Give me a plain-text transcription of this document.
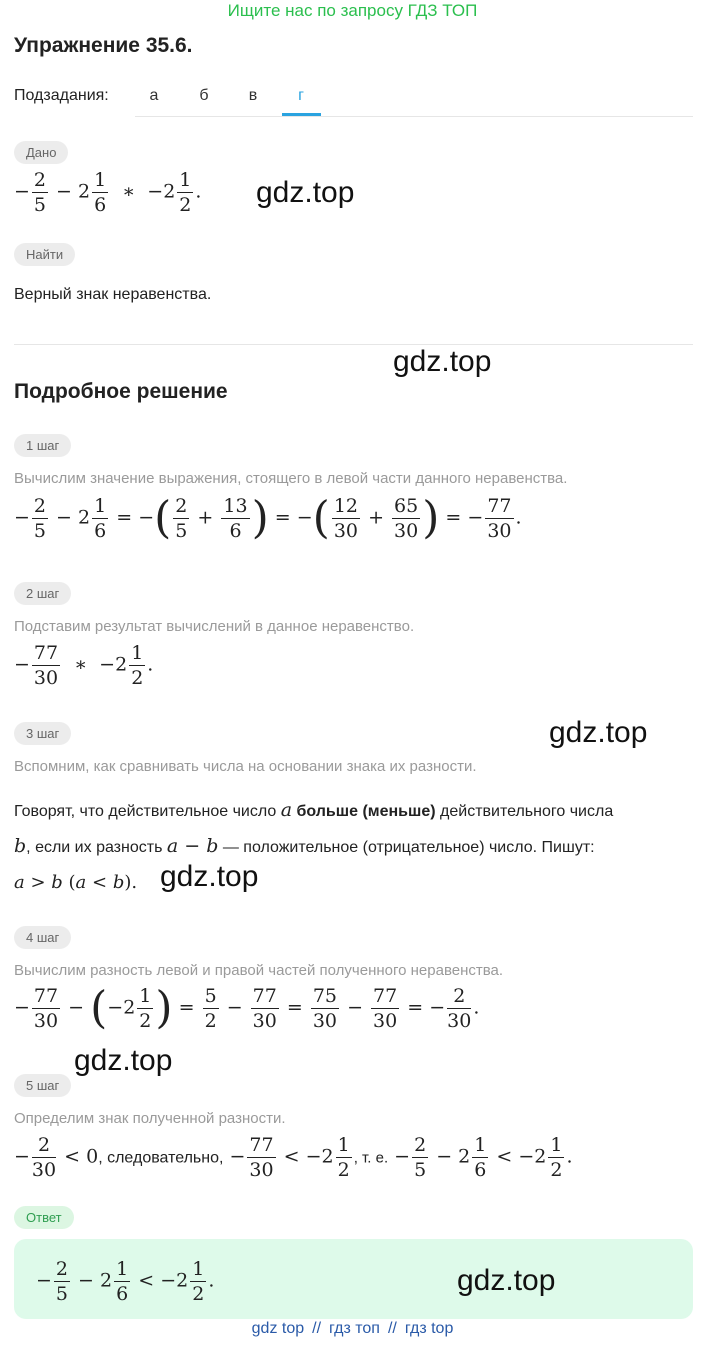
Ищите нас по запросу ГДЗ ТОП
Упражнение 35.6.
Подзадания:	а	б	в	г
Дано
− $\frac{2}{5} - 2 \frac{1}{6}$ ∗  $-2 \frac{1}{2}$ . gdz.top
Найти
Верный знак неравенства.
gdz.top
Подробное решение
1 шаг
Вычислим значение выражения, стоящего в левой части данного неравенства.
− $\frac{2}{5} - 2 \frac{1}{6}$ = −( $\frac{2}{5} + \frac{13}{6}$ ) = −( $\frac{12}{30} + \frac{65}{30}$ ) = − $\frac{77}{30}$ .
2 шаг
Подставим результат вычислений в данное неравенство.
− $\frac{77}{30}$ ∗  $-2 \frac{1}{2}$ .
3 шаг	gdz.top
Вспомним, как сравнивать числа на основании знака их разности.
Говорят, что действительное число a больше (меньше) действительного числа
b, если их разность a − b — положительное (отрицательное) число. Пишут:
a > b (a < b). gdz.top
4 шаг
Вычислим разность левой и правой частей полученного неравенства.
− $\frac{77}{30} - (-2 \frac{1}{2}$ ) = $\frac{5}{2} - \frac{77}{30} = \frac{75}{30} - \frac{77}{30}$ = − $\frac{2}{30}$ .
gdz.top
5 шаг
Определим знак полученной разности.
− $\frac{2}{30} < 0$, следовательно, − $\frac{77}{30} < -2 \frac{1}{2}$ , т. е. − $\frac{2}{5} - 2 \frac{1}{6} < -2 \frac{1}{2}$ .
Ответ
− $\frac{2}{5} - 2 \frac{1}{6} < -2 \frac{1}{2}$ .	gdz.top
gdz top // гдз топ // гдз top
